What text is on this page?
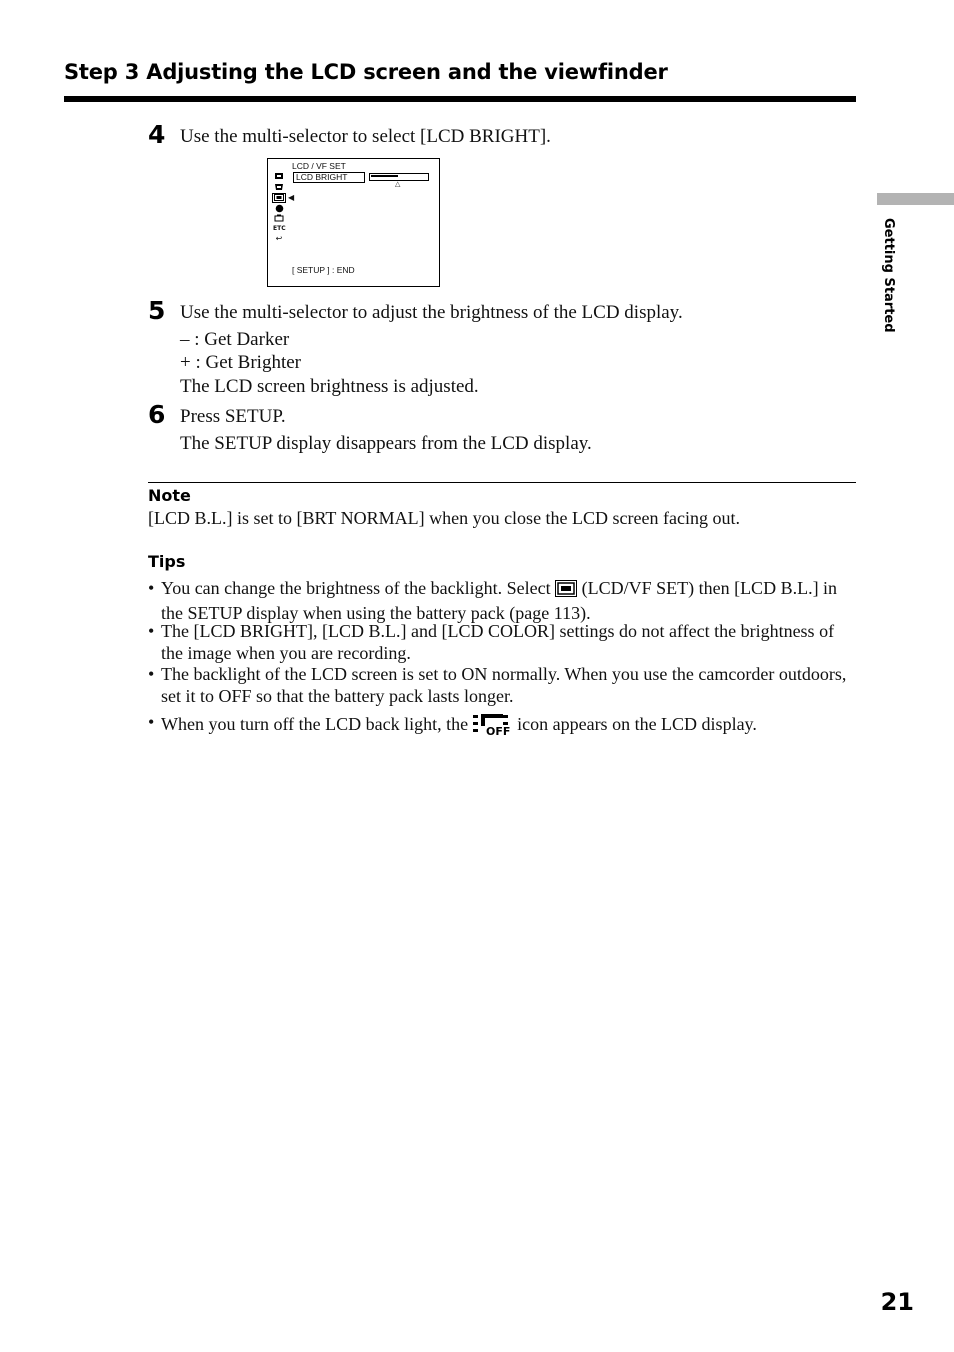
Step 3 Adjusting the LCD screen and the viewfinder
4 Use the multi-selector to select [LCD BRIGHT].
LCD / VF SET
LCD BRIGHT
△
◀
ETC
↩
[ SETUP ] : END
5 Use the multi-selector to adjust the brightness of the LCD display.
– : Get Darker
+ : Get Brighter
The LCD screen brightness is adjusted.
6 Press SETUP.
The SETUP display disappears from the LCD display.
Note
[LCD B.L.] is set to [BRT NORMAL] when you close the LCD screen facing out.
Tips
• You can change the brightness of the backlight. Select  (LCD/VF SET) then [LCD B.L.] in the SETUP display when using the battery pack (page 113).
• The [LCD BRIGHT], [LCD B.L.] and [LCD COLOR] settings do not affect the brightness of the image when you are recording.
• The backlight of the LCD screen is set to ON normally. When you use the camcorder outdoors, set it to OFF so that the battery pack lasts longer.
• When you turn off the LCD back light, the OFF icon appears on the LCD display.
Getting Started
21
